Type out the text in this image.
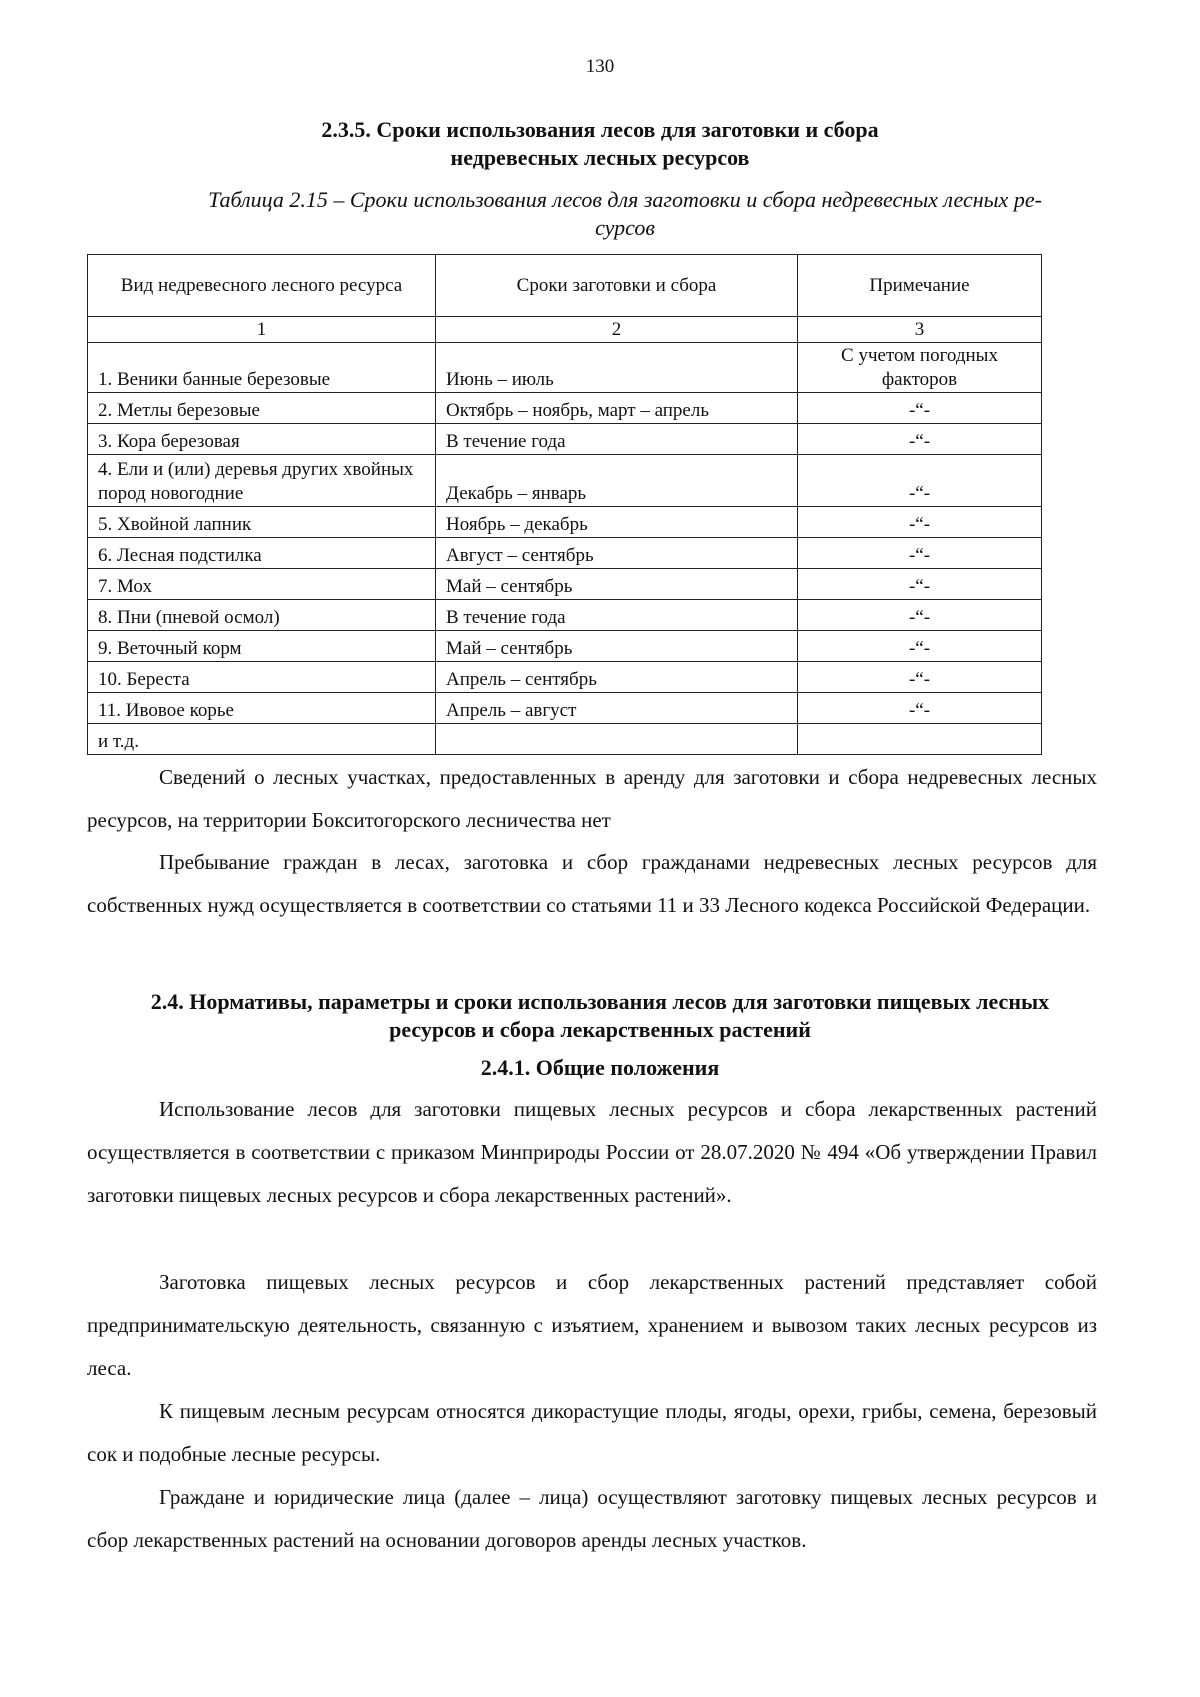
130
2.3.5. Сроки использования лесов для заготовки и сбора
недревесных лесных ресурсов
Таблица 2.15 – Сроки использования лесов для заготовки и сбора недревесных лесных ре-
сурсов
Вид недревесного лесного ресурса	Сроки заготовки и сбора	Примечание
1	2	3
1. Веники банные березовые	Июнь – июль	С учетом погодных факторов
2. Метлы березовые	Октябрь – ноябрь, март – апрель	-“-
3. Кора березовая	В течение года	-“-
4. Ели и (или) деревья других хвойных пород новогодние	Декабрь – январь	-“-
5. Хвойной лапник	Ноябрь – декабрь	-“-
6. Лесная подстилка	Август – сентябрь	-“-
7. Мох	Май – сентябрь	-“-
8. Пни (пневой осмол)	В течение года	-“-
9. Веточный корм	Май – сентябрь	-“-
10. Береста	Апрель – сентябрь	-“-
11. Ивовое корье	Апрель – август	-“-
и т.д.		

Сведений о лесных участках, предоставленных в аренду для заготовки и сбора недревесных лесных ресурсов, на территории Бокситогорского лесничества нет

Пребывание граждан в лесах, заготовка и сбор гражданами недревесных лесных ресурсов для собственных нужд осуществляется в соответствии со статьями 11 и 33 Лесного кодекса Российской Федерации.

2.4. Нормативы, параметры и сроки использования лесов для заготовки пищевых лесных
ресурсов и сбора лекарственных растений
2.4.1. Общие положения

Использование лесов для заготовки пищевых лесных ресурсов и сбора лекарственных растений осуществляется в соответствии с приказом Минприроды России от 28.07.2020 № 494 «Об утверждении Правил заготовки пищевых лесных ресурсов и сбора лекарственных растений».

Заготовка пищевых лесных ресурсов и сбор лекарственных растений представляет собой предпринимательскую деятельность, связанную с изъятием, хранением и вывозом таких лесных ресурсов из леса.

К пищевым лесным ресурсам относятся дикорастущие плоды, ягоды, орехи, грибы, семена, березовый сок и подобные лесные ресурсы.

Граждане и юридические лица (далее – лица) осуществляют заготовку пищевых лесных ресурсов и сбор лекарственных растений на основании договоров аренды лесных участков.
